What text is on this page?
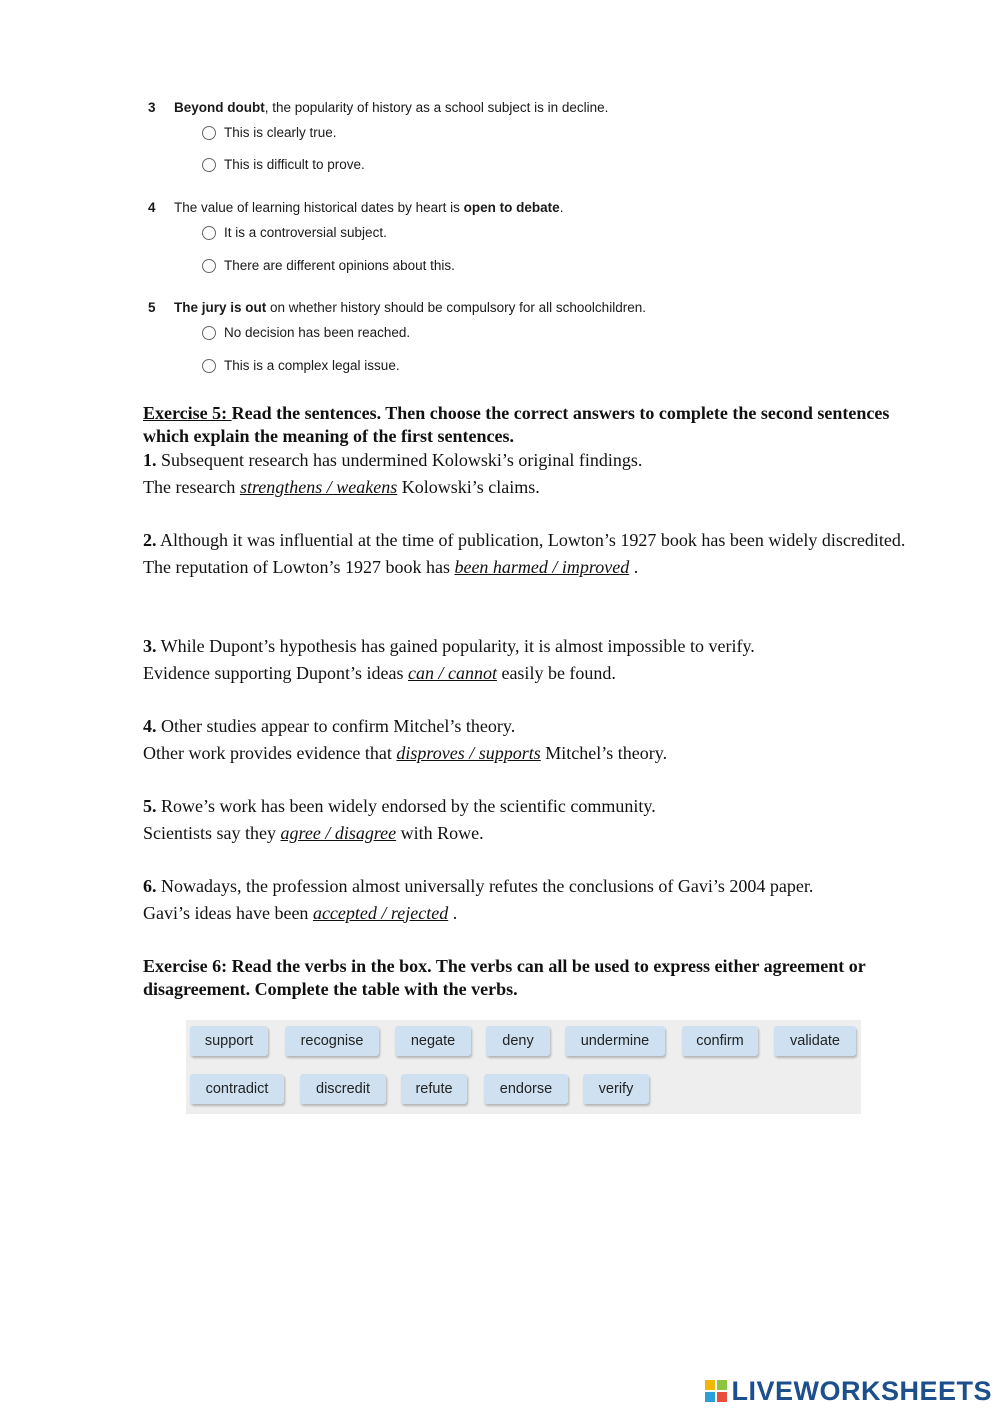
3 Beyond doubt, the popularity of history as a school subject is in decline.
This is clearly true.
This is difficult to prove.
4 The value of learning historical dates by heart is open to debate.
It is a controversial subject.
There are different opinions about this.
5 The jury is out on whether history should be compulsory for all schoolchildren.
No decision has been reached.
This is a complex legal issue.
Exercise 5: Read the sentences. Then choose the correct answers to complete the second sentences which explain the meaning of the first sentences.
1. Subsequent research has undermined Kolowski’s original findings.
The research strengthens / weakens Kolowski’s claims.
2. Although it was influential at the time of publication, Lowton’s 1927 book has been widely discredited.
The reputation of Lowton’s 1927 book has been harmed / improved .
3. While Dupont’s hypothesis has gained popularity, it is almost impossible to verify.
Evidence supporting Dupont’s ideas can / cannot easily be found.
4. Other studies appear to confirm Mitchel’s theory.
Other work provides evidence that disproves / supports Mitchel’s theory.
5. Rowe’s work has been widely endorsed by the scientific community.
Scientists say they agree / disagree with Rowe.
6. Nowadays, the profession almost universally refutes the conclusions of Gavi’s 2004 paper.
Gavi’s ideas have been accepted / rejected .
Exercise 6: Read the verbs in the box. The verbs can all be used to express either agreement or disagreement. Complete the table with the verbs.
support	recognise	negate	deny	undermine	confirm	validate
contradict	discredit	refute	endorse	verify
LIVEWORKSHEETS
